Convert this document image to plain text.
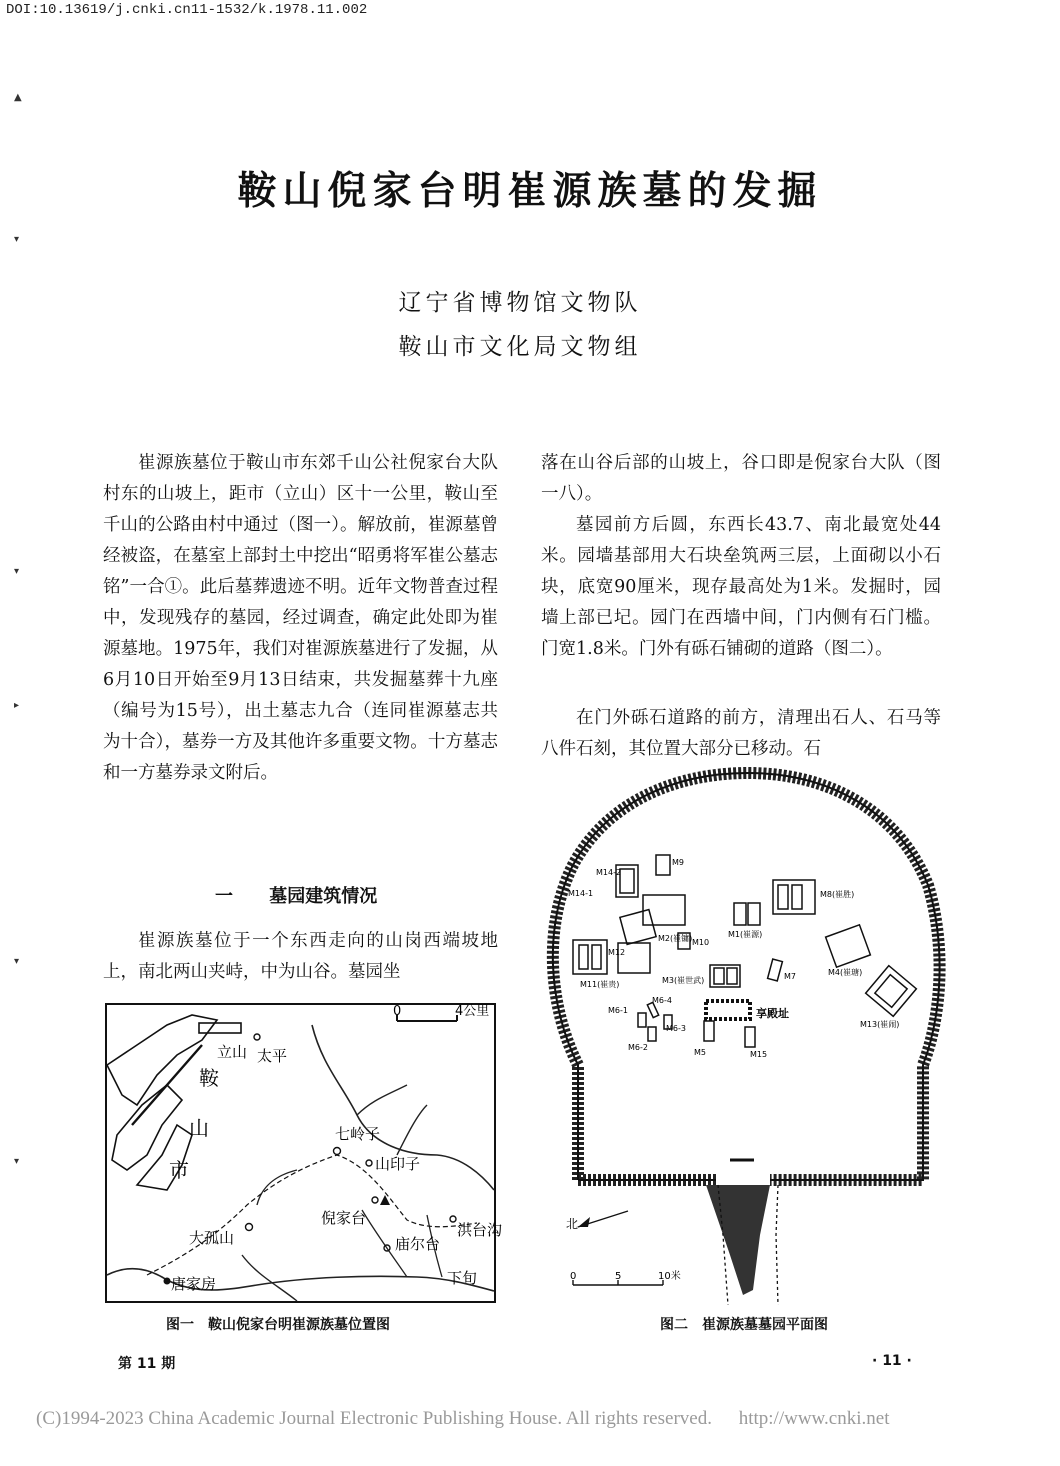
DOI:10.13619/j.cnki.cn11-1532/k.1978.11.002
▲
▾
▾
▸
▾
▾
鞍山倪家台明崔源族墓的发掘
辽宁省博物馆文物队
鞍山市文化局文物组

崔源族墓位于鞍山市东郊千山公社倪家台大队村东的山坡上，距市（立山）区十一公里，鞍山至千山的公路由村中通过（图一）。解放前，崔源墓曾经被盗，在墓室上部封土中挖出“昭勇将军崔公墓志铭”一合①。此后墓葬遗迹不明。近年文物普查过程中，发现残存的墓园，经过调查，确定此处即为崔源墓地。1975年，我们对崔源族墓进行了发掘，从6月10日开始至9月13日结束，共发掘墓葬十九座（编号为15号），出土墓志九合（连同崔源墓志共为十合），墓券一方及其他许多重要文物。十方墓志和一方墓券录文附后。

一 墓园建筑情况

崔源族墓位于一个东西走向的山岗西端坡地上，南北两山夹峙，中为山谷。墓园坐

落在山谷后部的山坡上，谷口即是倪家台大队（图一八）。

墓园前方后圆，东西长43.7、南北最宽处44米。园墙基部用大石块垒筑两三层，上面砌以小石块，底宽90厘米，现存最高处为1米。发掘时，园墙上部已圮。园门在西墙中间，门内侧有石门槛。门宽1.8米。门外有砾石铺砌的道路（图二）。

在门外砾石道路的前方，清理出石人、石马等八件石刻，其位置大部分已移动。石

0	4公里
鞍
山
市
立山 太平
七岭子
山印子
倪家台
洪台沟
大孤山	庙尔台
下旬
唐家房
北
0	5	10米
享殿址
M14-2
M14-1
M9
M2(崔镛) M10
M1(崔源)
M8(崔胜)
M12
M11(崔贵)	M3(崔世武)	M7	M4(崔瑭)
M6-4
M6-1
M6-3
M6-2
M5	M15
M13(崔闹)
图一　鞍山倪家台明崔源族墓位置图	图二　崔源族墓墓园平面图
第 11 期	· 11 ·
(C)1994-2023 China Academic Journal Electronic Publishing House. All rights reserved. http://www.cnki.net
